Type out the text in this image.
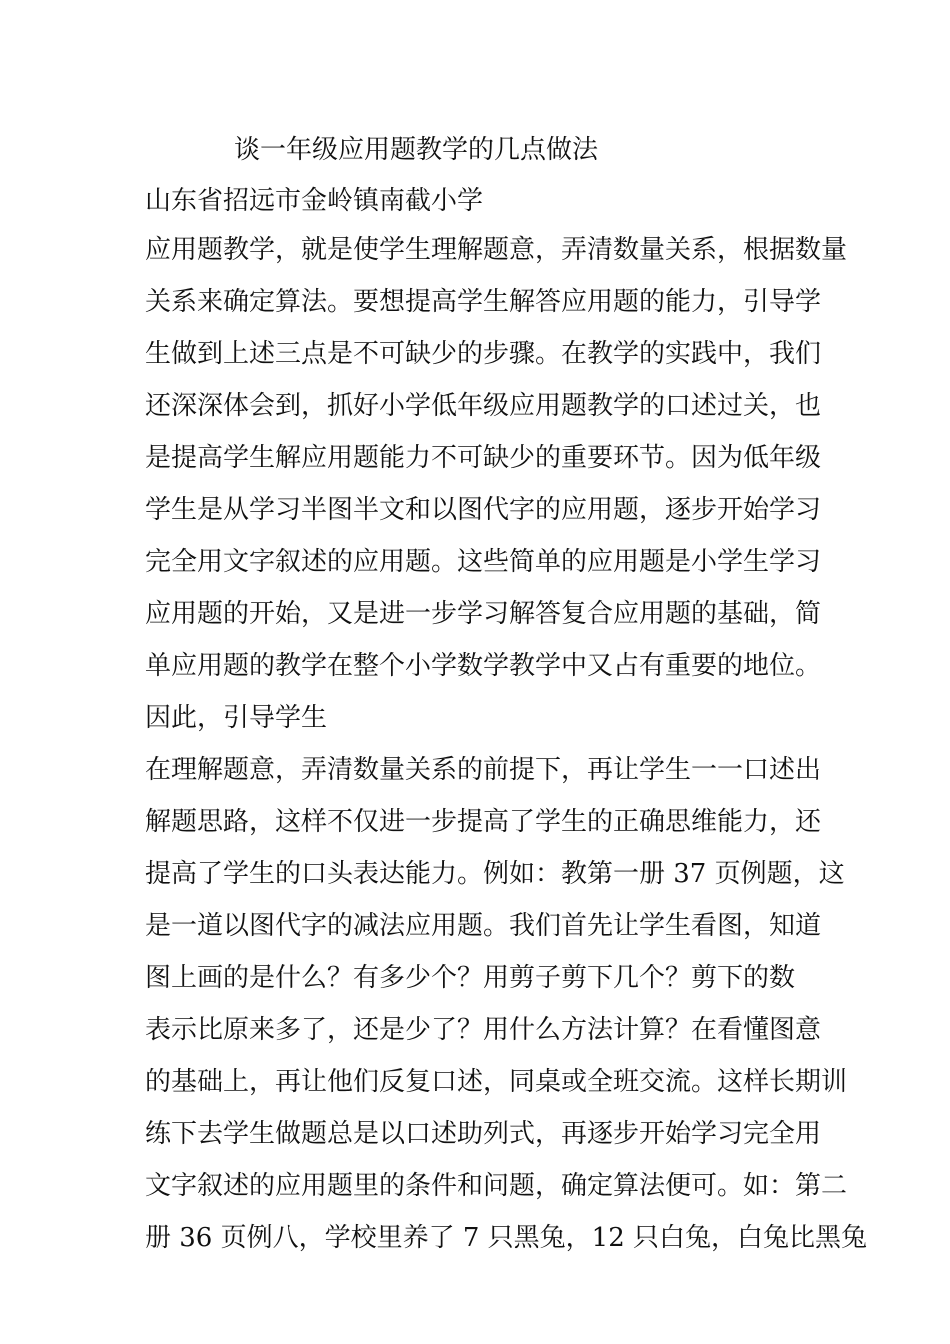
谈一年级应用题教学的几点做法
山东省招远市金岭镇南截小学
应用题教学，就是使学生理解题意，弄清数量关系，根据数量
关系来确定算法。要想提高学生解答应用题的能力，引导学
生做到上述三点是不可缺少的步骤。在教学的实践中，我们
还深深体会到，抓好小学低年级应用题教学的口述过关，也
是提高学生解应用题能力不可缺少的重要环节。因为低年级
学生是从学习半图半文和以图代字的应用题，逐步开始学习
完全用文字叙述的应用题。这些简单的应用题是小学生学习
应用题的开始，又是进一步学习解答复合应用题的基础，简
单应用题的教学在整个小学数学教学中又占有重要的地位。
因此，引导学生
在理解题意，弄清数量关系的前提下，再让学生一一口述出
解题思路，这样不仅进一步提高了学生的正确思维能力，还
提高了学生的口头表达能力。例如：教第一册 37 页例题，这
是一道以图代字的减法应用题。我们首先让学生看图，知道
图上画的是什么？有多少个？用剪子剪下几个？剪下的数
表示比原来多了，还是少了？用什么方法计算？在看懂图意
的基础上，再让他们反复口述，同桌或全班交流。这样长期训
练下去学生做题总是以口述助列式，再逐步开始学习完全用
文字叙述的应用题里的条件和问题，确定算法便可。如：第二
册 36 页例八，学校里养了 7 只黑兔，12 只白兔，白兔比黑兔
